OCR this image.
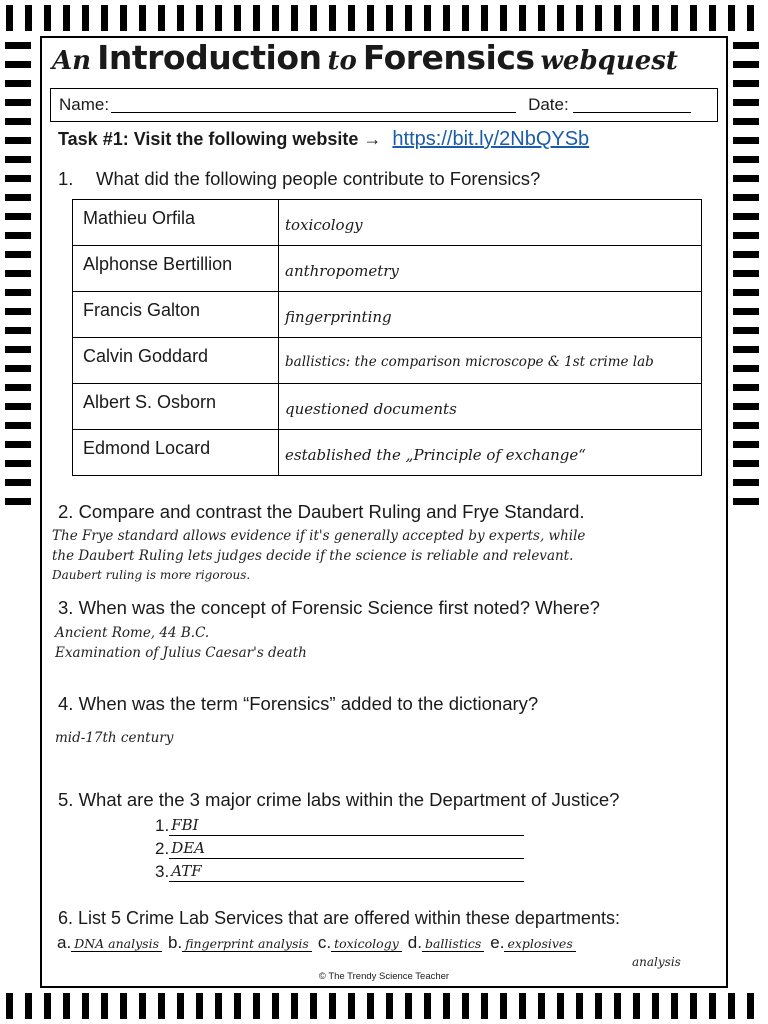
An Introduction to Forensics webquest
Name:	Date:
Task #1: Visit the following website → https://bit.ly/2NbQYSb
1. What did the following people contribute to Forensics?
Mathieu Orfila	toxicology
Alphonse Bertillion	anthropometry
Francis Galton	fingerprinting
Calvin Goddard	ballistics: the comparison microscope & 1st crime lab
Albert S. Osborn	questioned documents
Edmond Locard	established the „Principle of exchange“
2. Compare and contrast the Daubert Ruling and Frye Standard.
The Frye standard allows evidence if it's generally accepted by experts, while
the Daubert Ruling lets judges decide if the science is reliable and relevant.
Daubert ruling is more rigorous.
3. When was the concept of Forensic Science first noted? Where?
Ancient Rome, 44 B.C.
Examination of Julius Caesar's death
4. When was the term “Forensics” added to the dictionary?
mid-17th century
5. What are the 3 major crime labs within the Department of Justice?
1. FBI
2. DEA
3. ATF
6. List 5 Crime Lab Services that are offered within these departments:
a. DNA analysis b. fingerprint analysis c. toxicology d. ballistics e. explosives
analysis
© The Trendy Science Teacher
